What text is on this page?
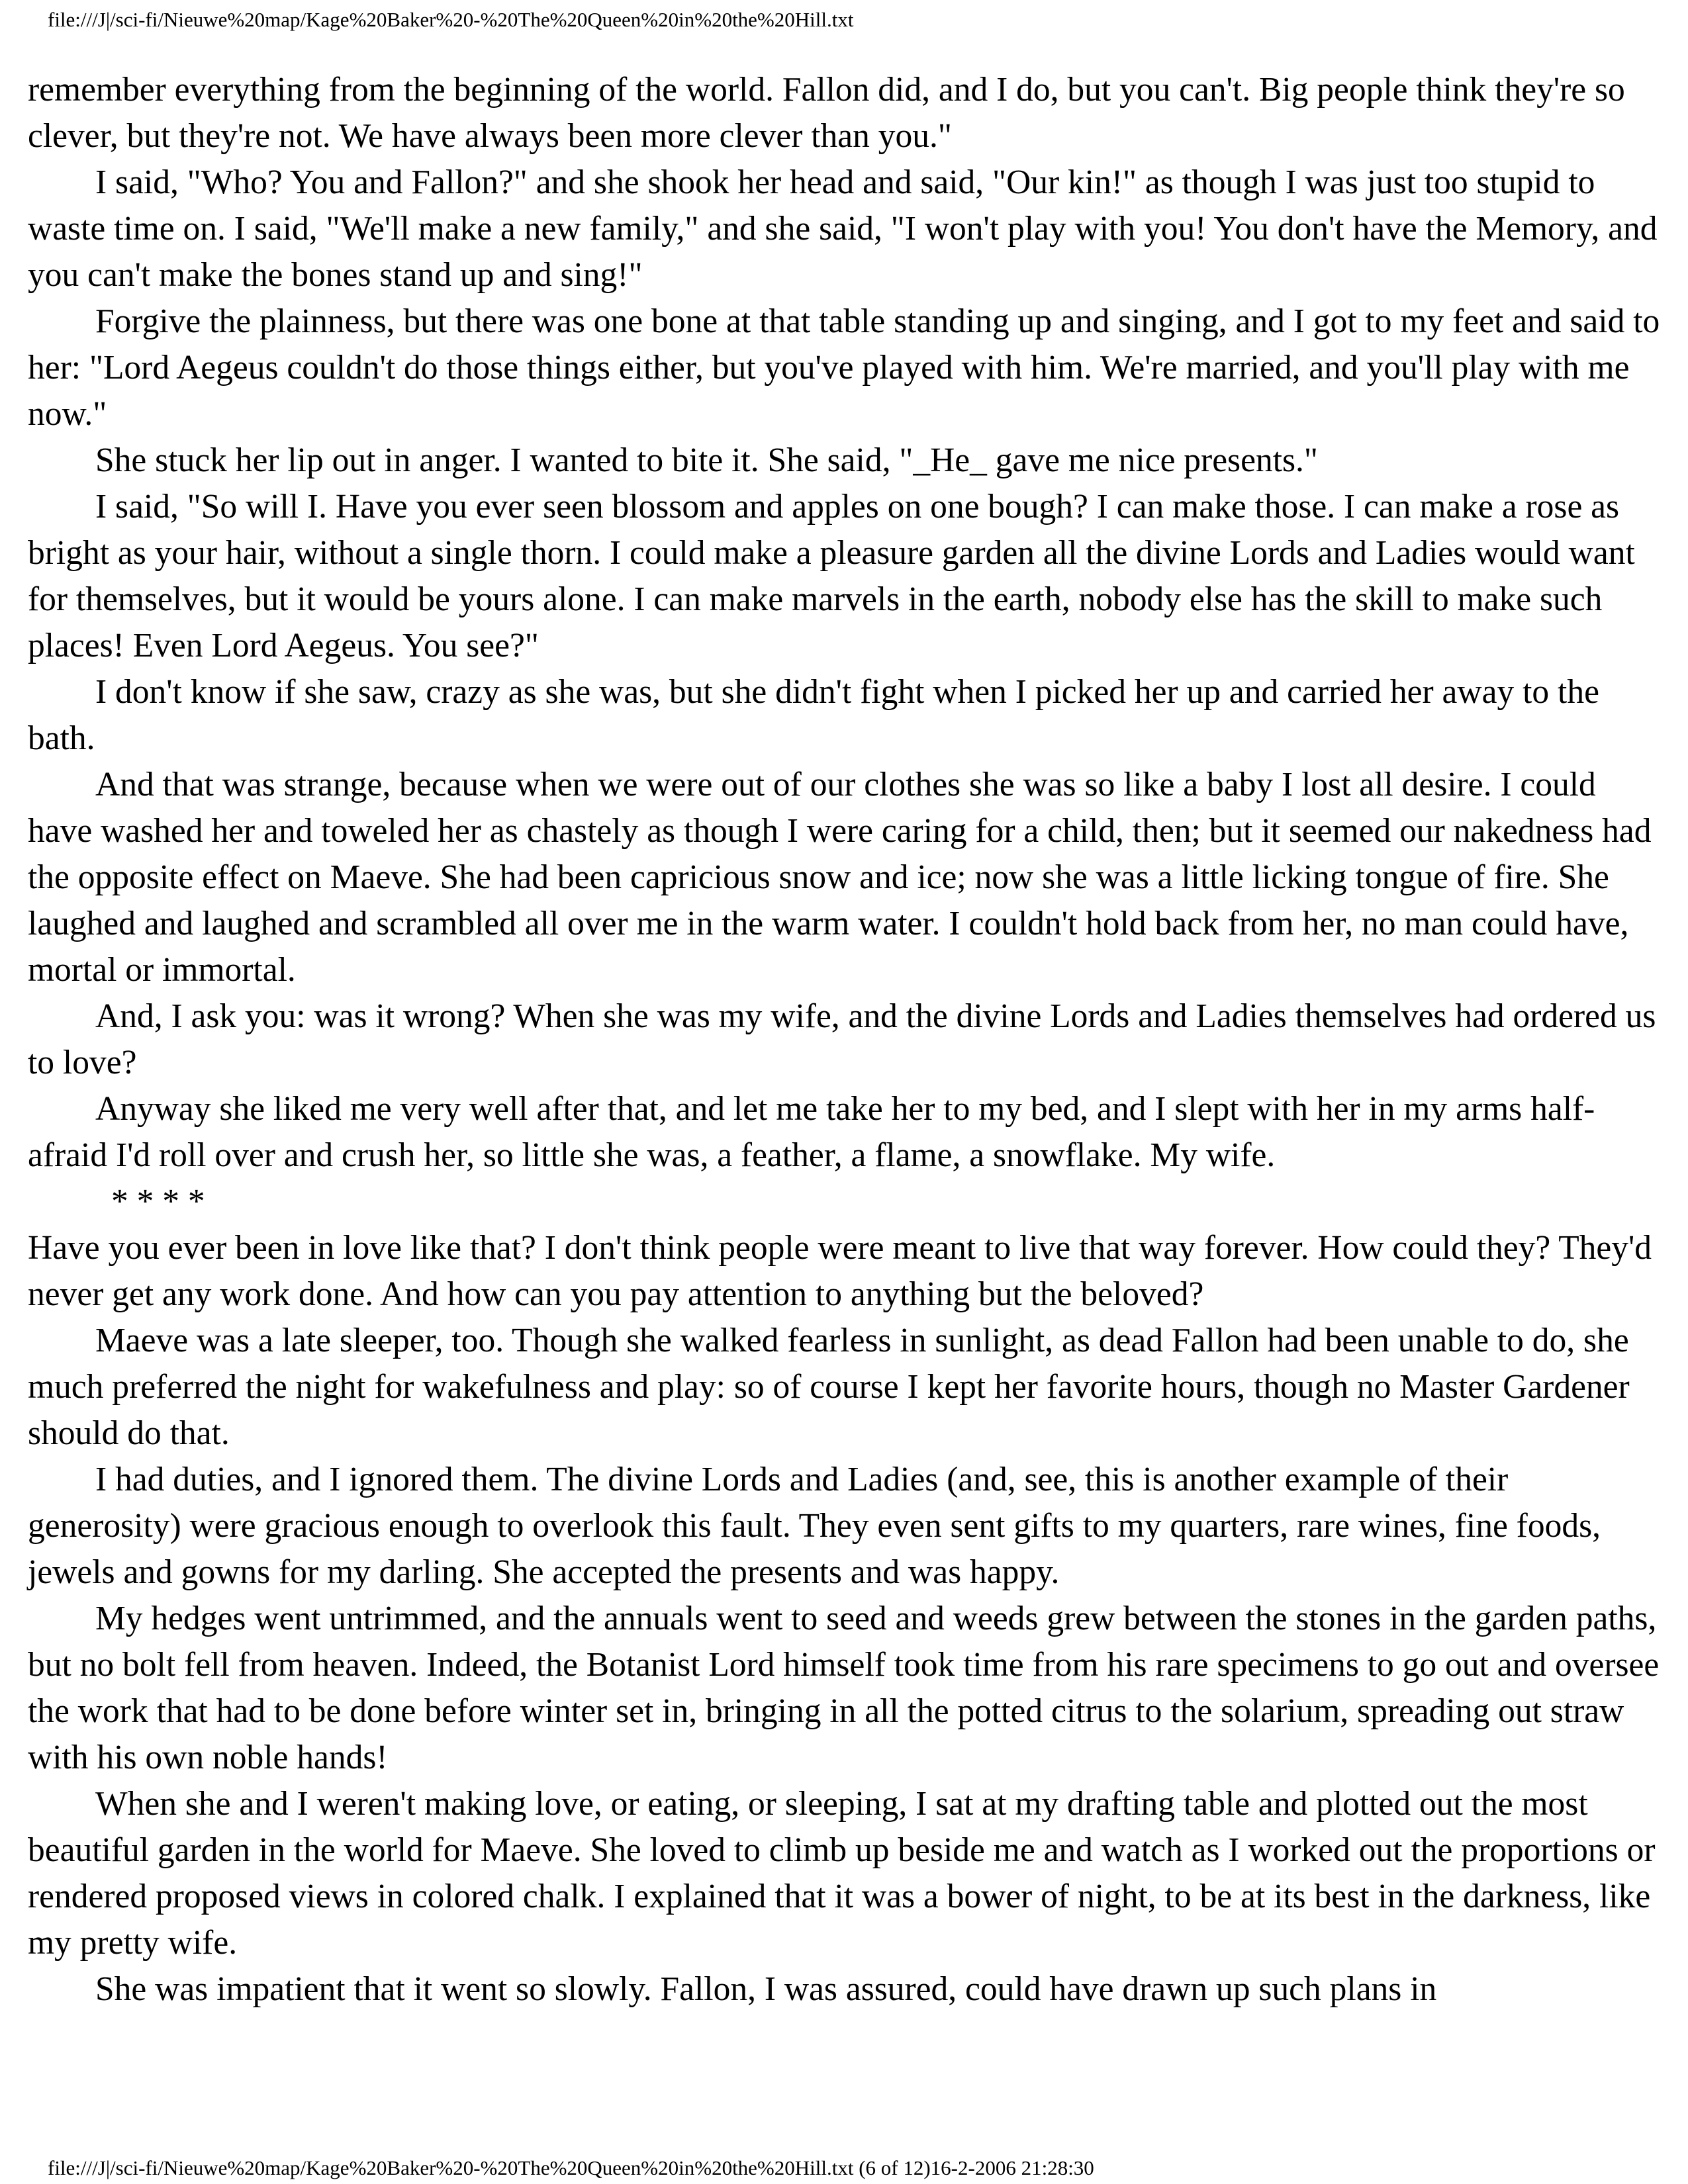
file:///J|/sci-fi/Nieuwe%20map/Kage%20Baker%20-%20The%20Queen%20in%20the%20Hill.txt

remember everything from the beginning of the world. Fallon did, and I do, but you can't. Big people think they're so clever, but they're not. We have always been more clever than you."

I said, "Who? You and Fallon?" and she shook her head and said, "Our kin!" as though I was just too stupid to waste time on. I said, "We'll make a new family," and she said, "I won't play with you! You don't have the Memory, and you can't make the bones stand up and sing!"

Forgive the plainness, but there was one bone at that table standing up and singing, and I got to my feet and said to her: "Lord Aegeus couldn't do those things either, but you've played with him. We're married, and you'll play with me now."

She stuck her lip out in anger. I wanted to bite it. She said, "_He_ gave me nice presents."

I said, "So will I. Have you ever seen blossom and apples on one bough? I can make those. I can make a rose as bright as your hair, without a single thorn. I could make a pleasure garden all the divine Lords and Ladies would want for themselves, but it would be yours alone. I can make marvels in the earth, nobody else has the skill to make such places! Even Lord Aegeus. You see?"

I don't know if she saw, crazy as she was, but she didn't fight when I picked her up and carried her away to the bath.

And that was strange, because when we were out of our clothes she was so like a baby I lost all desire. I could have washed her and toweled her as chastely as though I were caring for a child, then; but it seemed our nakedness had the opposite effect on Maeve. She had been capricious snow and ice; now she was a little licking tongue of fire. She laughed and laughed and scrambled all over me in the warm water. I couldn't hold back from her, no man could have, mortal or immortal.

And, I ask you: was it wrong? When she was my wife, and the divine Lords and Ladies themselves had ordered us to love?

Anyway she liked me very well after that, and let me take her to my bed, and I slept with her in my arms half-afraid I'd roll over and crush her, so little she was, a feather, a flame, a snowflake. My wife.

* * * *

Have you ever been in love like that? I don't think people were meant to live that way forever. How could they? They'd never get any work done. And how can you pay attention to anything but the beloved?

Maeve was a late sleeper, too. Though she walked fearless in sunlight, as dead Fallon had been unable to do, she much preferred the night for wakefulness and play: so of course I kept her favorite hours, though no Master Gardener should do that.

I had duties, and I ignored them. The divine Lords and Ladies (and, see, this is another example of their generosity) were gracious enough to overlook this fault. They even sent gifts to my quarters, rare wines, fine foods, jewels and gowns for my darling. She accepted the presents and was happy.

My hedges went untrimmed, and the annuals went to seed and weeds grew between the stones in the garden paths, but no bolt fell from heaven. Indeed, the Botanist Lord himself took time from his rare specimens to go out and oversee the work that had to be done before winter set in, bringing in all the potted citrus to the solarium, spreading out straw with his own noble hands!

When she and I weren't making love, or eating, or sleeping, I sat at my drafting table and plotted out the most beautiful garden in the world for Maeve. She loved to climb up beside me and watch as I worked out the proportions or rendered proposed views in colored chalk. I explained that it was a bower of night, to be at its best in the darkness, like my pretty wife.

She was impatient that it went so slowly. Fallon, I was assured, could have drawn up such plans in

file:///J|/sci-fi/Nieuwe%20map/Kage%20Baker%20-%20The%20Queen%20in%20the%20Hill.txt (6 of 12)16-2-2006 21:28:30
